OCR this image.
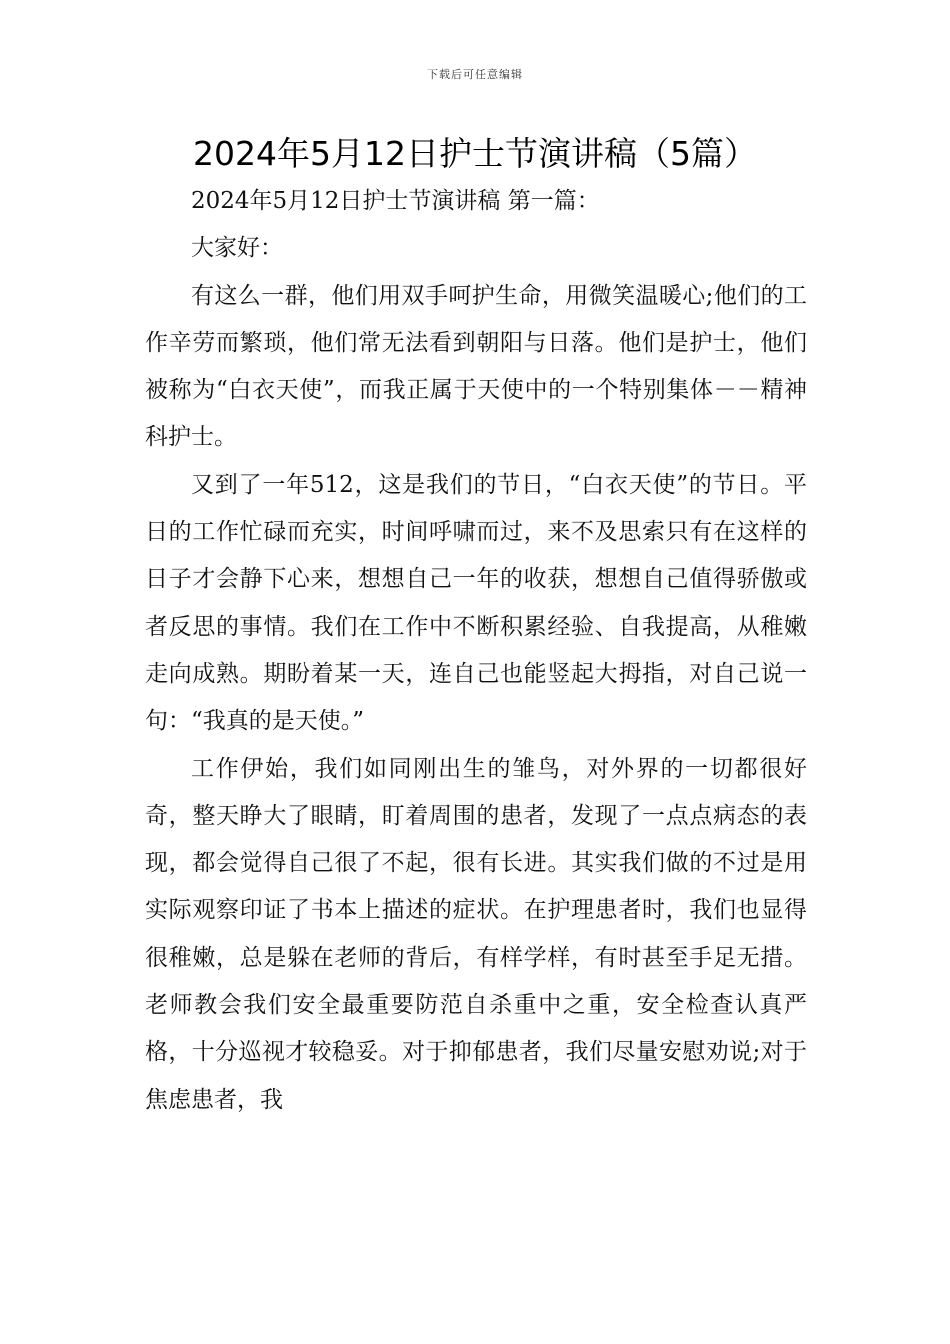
下载后可任意编辑
2024年5月12日护士节演讲稿（5篇）

2024年5月12日护士节演讲稿 第一篇：

大家好：

有这么一群，他们用双手呵护生命，用微笑温暖心;他们的工作辛劳而繁琐，他们常无法看到朝阳与日落。他们是护士，他们被称为“白衣天使”，而我正属于天使中的一个特别集体－－精神科护士。

又到了一年512，这是我们的节日，“白衣天使”的节日。平日的工作忙碌而充实，时间呼啸而过，来不及思索只有在这样的日子才会静下心来，想想自己一年的收获，想想自己值得骄傲或者反思的事情。我们在工作中不断积累经验、自我提高，从稚嫩走向成熟。期盼着某一天，连自己也能竖起大拇指，对自己说一句：“我真的是天使。”

工作伊始，我们如同刚出生的雏鸟，对外界的一切都很好奇，整天睁大了眼睛，盯着周围的患者，发现了一点点病态的表现，都会觉得自己很了不起，很有长进。其实我们做的不过是用实际观察印证了书本上描述的症状。在护理患者时，我们也显得很稚嫩，总是躲在老师的背后，有样学样，有时甚至手足无措。老师教会我们安全最重要防范自杀重中之重，安全检查认真严格，十分巡视才较稳妥。对于抑郁患者，我们尽量安慰劝说;对于焦虑患者，我
